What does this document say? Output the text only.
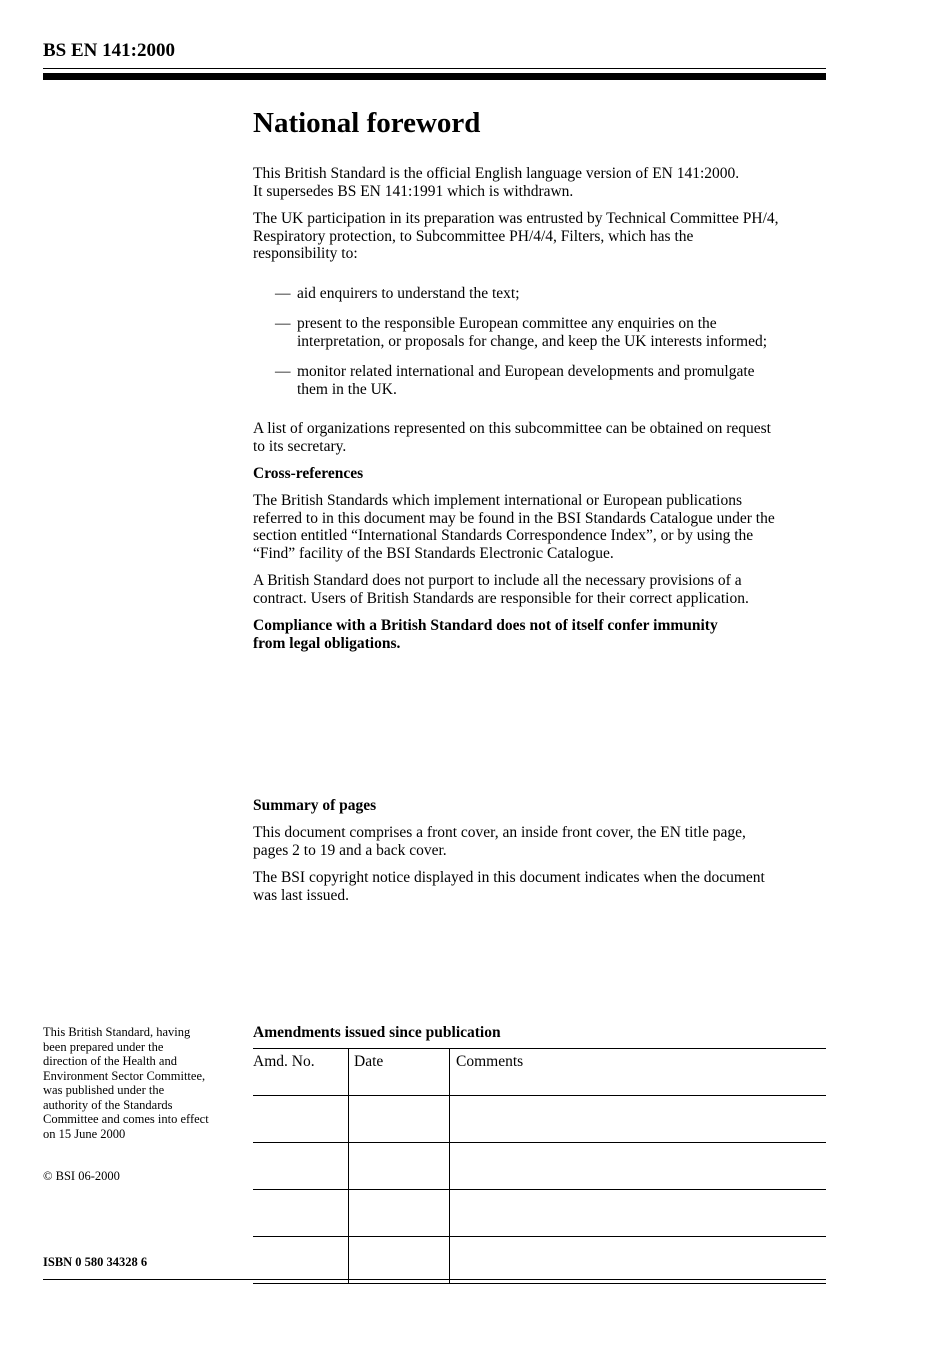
BS EN 141:2000
National foreword
This British Standard is the official English language version of EN 141:2000.
It supersedes BS EN 141:1991 which is withdrawn.
The UK participation in its preparation was entrusted by Technical Committee PH/4,
Respiratory protection, to Subcommittee PH/4/4, Filters, which has the
responsibility to:
— aid enquirers to understand the text;
— present to the responsible European committee any enquiries on the
interpretation, or proposals for change, and keep the UK interests informed;
— monitor related international and European developments and promulgate
them in the UK.
A list of organizations represented on this subcommittee can be obtained on request
to its secretary.
Cross-references
The British Standards which implement international or European publications
referred to in this document may be found in the BSI Standards Catalogue under the
section entitled “International Standards Correspondence Index”, or by using the
“Find” facility of the BSI Standards Electronic Catalogue.
A British Standard does not purport to include all the necessary provisions of a
contract. Users of British Standards are responsible for their correct application.
Compliance with a British Standard does not of itself confer immunity
from legal obligations.
Summary of pages
This document comprises a front cover, an inside front cover, the EN title page,
pages 2 to 19 and a back cover.
The BSI copyright notice displayed in this document indicates when the document
was last issued.
This British Standard, having
been prepared under the
direction of the Health and
Environment Sector Committee,
was published under the
authority of the Standards
Committee and comes into effect
on 15 June 2000
© BSI 06-2000
ISBN 0 580 34328 6
Amendments issued since publication
Amd. No.	Date	Comments
